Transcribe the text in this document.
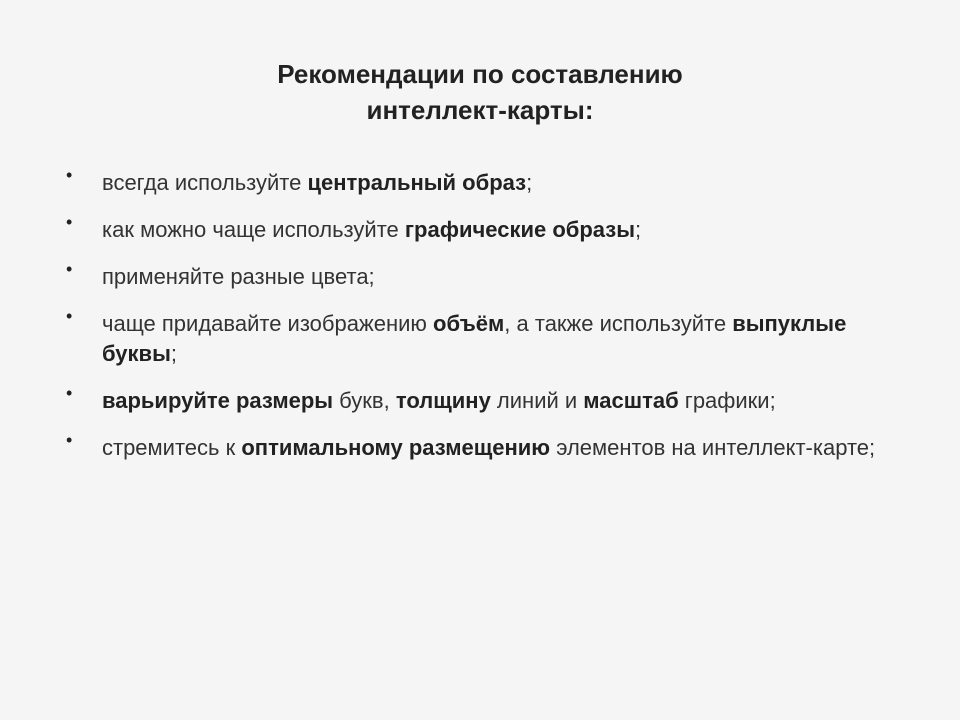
Рекомендации по составлению
интеллект-карты:
• всегда используйте центральный образ;
• как можно чаще используйте графические образы;
• применяйте разные цвета;
• чаще придавайте изображению объём, а также используйте выпуклые буквы;
• варьируйте размеры букв, толщину линий и масштаб графики;
• стремитесь к оптимальному размещению элементов на интеллект-карте;
